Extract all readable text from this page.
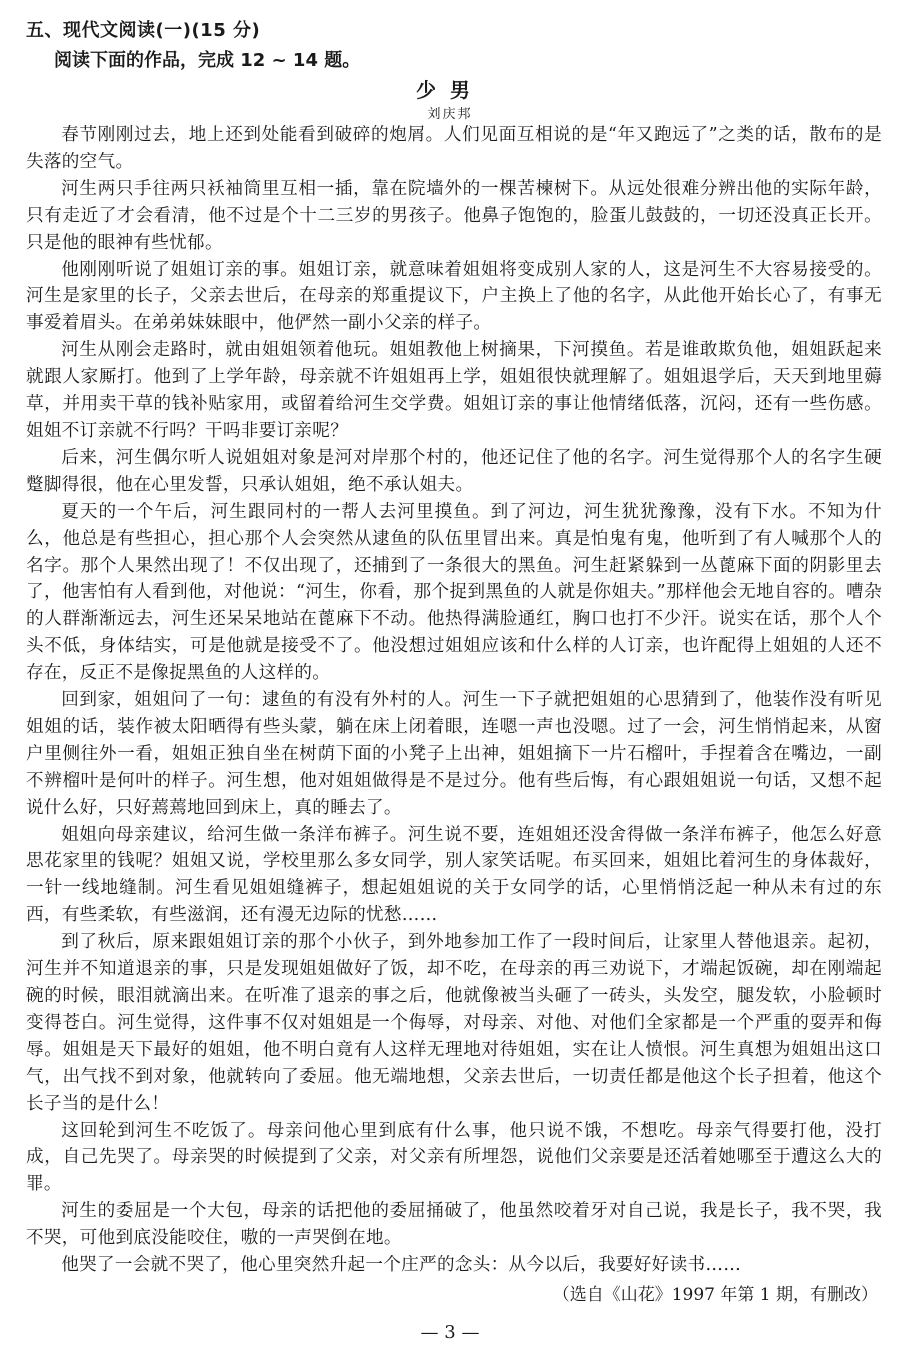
五、现代文阅读(一)(15 分)
阅读下面的作品，完成 12 ~ 14 题。
少男
刘庆邦

春节刚刚过去，地上还到处能看到破碎的炮屑。人们见面互相说的是“年又跑远了”之类的话，散布的是失落的空气。

河生两只手往两只袄袖筒里互相一插，靠在院墙外的一棵苦楝树下。从远处很难分辨出他的实际年龄，只有走近了才会看清，他不过是个十二三岁的男孩子。他鼻子饱饱的，脸蛋儿鼓鼓的，一切还没真正长开。只是他的眼神有些忧郁。

他刚刚听说了姐姐订亲的事。姐姐订亲，就意味着姐姐将变成别人家的人，这是河生不大容易接受的。河生是家里的长子，父亲去世后，在母亲的郑重提议下，户主换上了他的名字，从此他开始长心了，有事无事爱着眉头。在弟弟妹妹眼中，他俨然一副小父亲的样子。

河生从刚会走路时，就由姐姐领着他玩。姐姐教他上树摘果，下河摸鱼。若是谁敢欺负他，姐姐跃起来就跟人家厮打。他到了上学年龄，母亲就不许姐姐再上学，姐姐很快就理解了。姐姐退学后，天天到地里薅草，并用卖干草的钱补贴家用，或留着给河生交学费。姐姐订亲的事让他情绪低落，沉闷，还有一些伤感。姐姐不订亲就不行吗？干吗非要订亲呢？

后来，河生偶尔听人说姐姐对象是河对岸那个村的，他还记住了他的名字。河生觉得那个人的名字生硬蹩脚得很，他在心里发誓，只承认姐姐，绝不承认姐夫。

夏天的一个午后，河生跟同村的一帮人去河里摸鱼。到了河边，河生犹犹豫豫，没有下水。不知为什么，他总是有些担心，担心那个人会突然从逮鱼的队伍里冒出来。真是怕鬼有鬼，他听到了有人喊那个人的名字。那个人果然出现了！不仅出现了，还捕到了一条很大的黑鱼。河生赶紧躲到一丛蓖麻下面的阴影里去了，他害怕有人看到他，对他说：“河生，你看，那个捉到黑鱼的人就是你姐夫。”那样他会无地自容的。嘈杂的人群渐渐远去，河生还呆呆地站在蓖麻下不动。他热得满脸通红，胸口也打不少汗。说实在话，那个人个头不低，身体结实，可是他就是接受不了。他没想过姐姐应该和什么样的人订亲，也许配得上姐姐的人还不存在，反正不是像捉黑鱼的人这样的。

回到家，姐姐问了一句：逮鱼的有没有外村的人。河生一下子就把姐姐的心思猜到了，他装作没有听见姐姐的话，装作被太阳晒得有些头蒙，躺在床上闭着眼，连嗯一声也没嗯。过了一会，河生悄悄起来，从窗户里侧往外一看，姐姐正独自坐在树荫下面的小凳子上出神，姐姐摘下一片石榴叶，手捏着含在嘴边，一副不辨榴叶是何叶的样子。河生想，他对姐姐做得是不是过分。他有些后悔，有心跟姐姐说一句话，又想不起说什么好，只好蔫蔫地回到床上，真的睡去了。

姐姐向母亲建议，给河生做一条洋布裤子。河生说不要，连姐姐还没舍得做一条洋布裤子，他怎么好意思花家里的钱呢？姐姐又说，学校里那么多女同学，别人家笑话呢。布买回来，姐姐比着河生的身体裁好，一针一线地缝制。河生看见姐姐缝裤子，想起姐姐说的关于女同学的话，心里悄悄泛起一种从未有过的东西，有些柔软，有些滋润，还有漫无边际的忧愁……

到了秋后，原来跟姐姐订亲的那个小伙子，到外地参加工作了一段时间后，让家里人替他退亲。起初，河生并不知道退亲的事，只是发现姐姐做好了饭，却不吃，在母亲的再三劝说下，才端起饭碗，却在刚端起碗的时候，眼泪就滴出来。在听准了退亲的事之后，他就像被当头砸了一砖头，头发空，腿发软，小脸顿时变得苍白。河生觉得，这件事不仅对姐姐是一个侮辱，对母亲、对他、对他们全家都是一个严重的耍弄和侮辱。姐姐是天下最好的姐姐，他不明白竟有人这样无理地对待姐姐，实在让人愤恨。河生真想为姐姐出这口气，出气找不到对象，他就转向了委屈。他无端地想，父亲去世后，一切责任都是他这个长子担着，他这个长子当的是什么！

这回轮到河生不吃饭了。母亲问他心里到底有什么事，他只说不饿，不想吃。母亲气得要打他，没打成，自己先哭了。母亲哭的时候提到了父亲，对父亲有所埋怨，说他们父亲要是还活着她哪至于遭这么大的罪。

河生的委屈是一个大包，母亲的话把他的委屈捅破了，他虽然咬着牙对自己说，我是长子，我不哭，我不哭，可他到底没能咬住，嗷的一声哭倒在地。

他哭了一会就不哭了，他心里突然升起一个庄严的念头：从今以后，我要好好读书……

（选自《山花》1997 年第 1 期，有删改）
— 3 —
